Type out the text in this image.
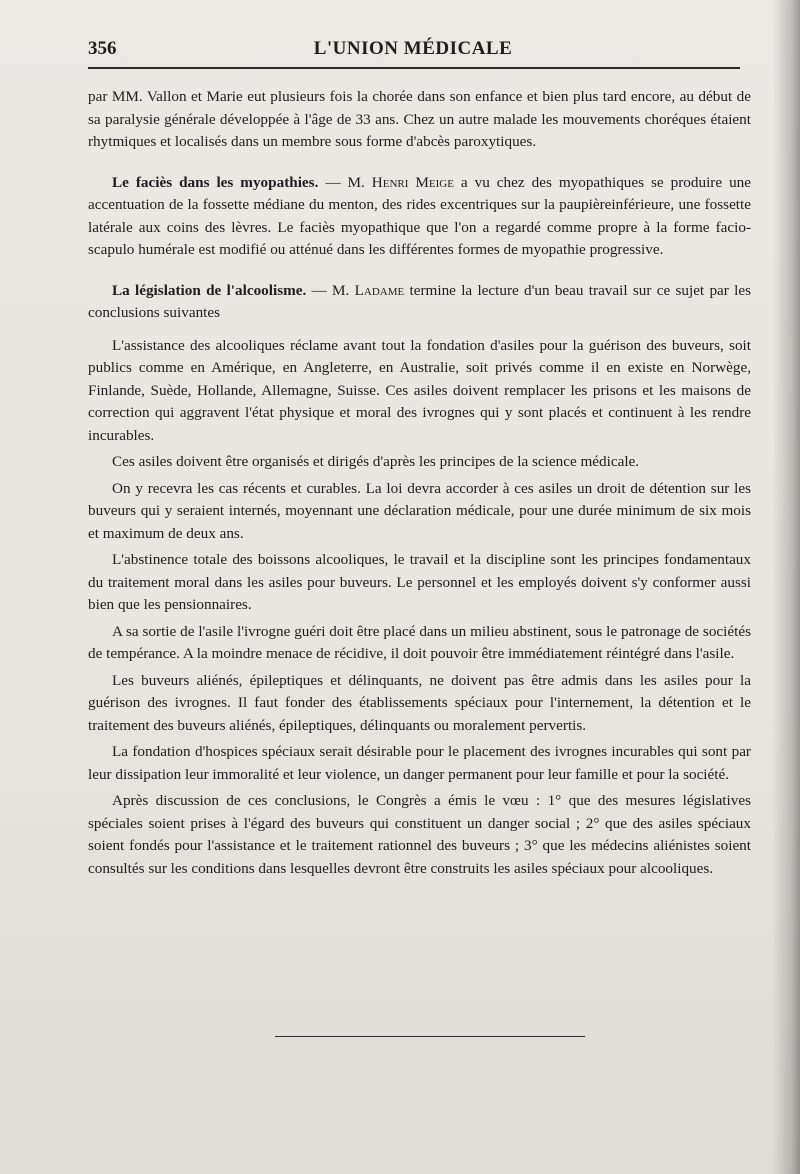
356	L'UNION MÉDICALE

par MM. Vallon et Marie eut plusieurs fois la chorée dans son enfance et bien plus tard encore, au début de sa paralysie générale développée à l'âge de 33 ans. Chez un autre malade les mouvements choréques étaient rhytmiques et localisés dans un membre sous forme d'abcès paroxytiques.

Le faciès dans les myopathies. — M. Henri Meige a vu chez des myopathiques se produire une accentuation de la fossette médiane du menton, des rides excentriques sur la paupièreinférieure, une fossette latérale aux coins des lèvres. Le faciès myopathique que l'on a regardé comme propre à la forme facio-scapulo humérale est modifié ou atténué dans les différentes formes de myopathie progressive.

La législation de l'alcoolisme. — M. Ladame termine la lecture d'un beau travail sur ce sujet par les conclusions suivantes

L'assistance des alcooliques réclame avant tout la fondation d'asiles pour la guérison des buveurs, soit publics comme en Amérique, en Angleterre, en Australie, soit privés comme il en existe en Norwège, Finlande, Suède, Hollande, Allemagne, Suisse. Ces asiles doivent remplacer les prisons et les maisons de correction qui aggravent l'état physique et moral des ivrognes qui y sont placés et continuent à les rendre incurables.

Ces asiles doivent être organisés et dirigés d'après les principes de la science médicale.

On y recevra les cas récents et curables. La loi devra accorder à ces asiles un droit de détention sur les buveurs qui y seraient internés, moyennant une déclaration médicale, pour une durée minimum de six mois et maximum de deux ans.

L'abstinence totale des boissons alcooliques, le travail et la discipline sont les principes fondamentaux du traitement moral dans les asiles pour buveurs. Le personnel et les employés doivent s'y conformer aussi bien que les pensionnaires.

A sa sortie de l'asile l'ivrogne guéri doit être placé dans un milieu abstinent, sous le patronage de sociétés de tempérance. A la moindre menace de récidive, il doit pouvoir être immédiatement réintégré dans l'asile.

Les buveurs aliénés, épileptiques et délinquants, ne doivent pas être admis dans les asiles pour la guérison des ivrognes. Il faut fonder des établissements spéciaux pour l'internement, la détention et le traitement des buveurs aliénés, épileptiques, délinquants ou moralement pervertis.

La fondation d'hospices spéciaux serait désirable pour le placement des ivrognes incurables qui sont par leur dissipation leur immoralité et leur violence, un danger permanent pour leur famille et pour la société.

Après discussion de ces conclusions, le Congrès a émis le vœu : 1° que des mesures législatives spéciales soient prises à l'égard des buveurs qui constituent un danger social ; 2° que des asiles spéciaux soient fondés pour l'assistance et le traitement rationnel des buveurs ; 3° que les médecins aliénistes soient consultés sur les conditions dans lesquelles devront être construits les asiles spéciaux pour alcooliques.
